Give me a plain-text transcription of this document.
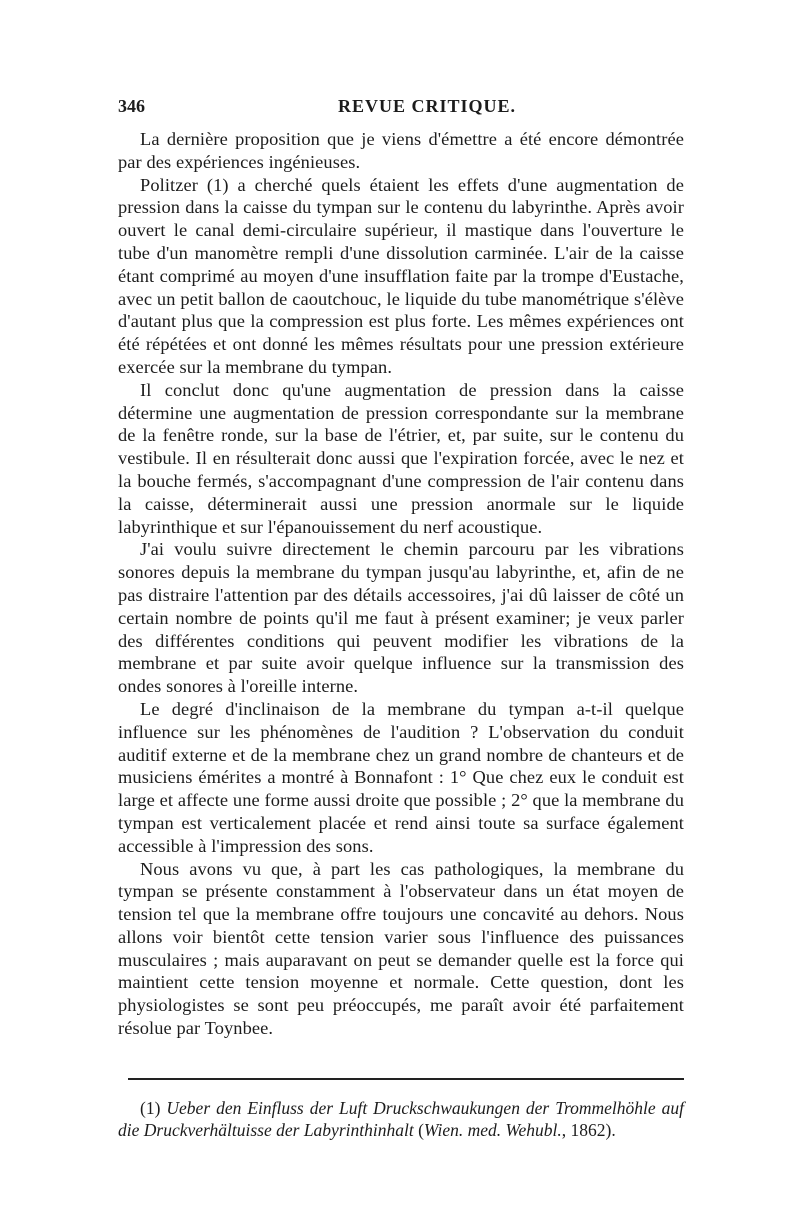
346	REVUE CRITIQUE.

La dernière proposition que je viens d'émettre a été encore démontrée par des expériences ingénieuses.

Politzer (1) a cherché quels étaient les effets d'une augmentation de pression dans la caisse du tympan sur le contenu du labyrinthe. Après avoir ouvert le canal demi-circulaire supérieur, il mastique dans l'ouverture le tube d'un manomètre rempli d'une dissolution carminée. L'air de la caisse étant comprimé au moyen d'une insufflation faite par la trompe d'Eustache, avec un petit ballon de caoutchouc, le liquide du tube manométrique s'élève d'autant plus que la compression est plus forte. Les mêmes expériences ont été répétées et ont donné les mêmes résultats pour une pression extérieure exercée sur la membrane du tympan.

Il conclut donc qu'une augmentation de pression dans la caisse détermine une augmentation de pression correspondante sur la membrane de la fenêtre ronde, sur la base de l'étrier, et, par suite, sur le contenu du vestibule. Il en résulterait donc aussi que l'expiration forcée, avec le nez et la bouche fermés, s'accompagnant d'une compression de l'air contenu dans la caisse, déterminerait aussi une pression anormale sur le liquide labyrinthique et sur l'épanouissement du nerf acoustique.

J'ai voulu suivre directement le chemin parcouru par les vibrations sonores depuis la membrane du tympan jusqu'au labyrinthe, et, afin de ne pas distraire l'attention par des détails accessoires, j'ai dû laisser de côté un certain nombre de points qu'il me faut à présent examiner; je veux parler des différentes conditions qui peuvent modifier les vibrations de la membrane et par suite avoir quelque influence sur la transmission des ondes sonores à l'oreille interne.

Le degré d'inclinaison de la membrane du tympan a-t-il quelque influence sur les phénomènes de l'audition ? L'observation du conduit auditif externe et de la membrane chez un grand nombre de chanteurs et de musiciens émérites a montré à Bonnafont : 1° Que chez eux le conduit est large et affecte une forme aussi droite que possible ; 2° que la membrane du tympan est verticalement placée et rend ainsi toute sa surface également accessible à l'impression des sons.

Nous avons vu que, à part les cas pathologiques, la membrane du tympan se présente constamment à l'observateur dans un état moyen de tension tel que la membrane offre toujours une concavité au dehors. Nous allons voir bientôt cette tension varier sous l'influence des puissances musculaires ; mais auparavant on peut se demander quelle est la force qui maintient cette tension moyenne et normale. Cette question, dont les physiologistes se sont peu préoccupés, me paraît avoir été parfaitement résolue par Toynbee.

(1) Ueber den Einfluss der Luft Druckschwaukungen der Trommelhöhle auf die Druckverhältuisse der Labyrinthinhalt (Wien. med. Wehubl., 1862).
